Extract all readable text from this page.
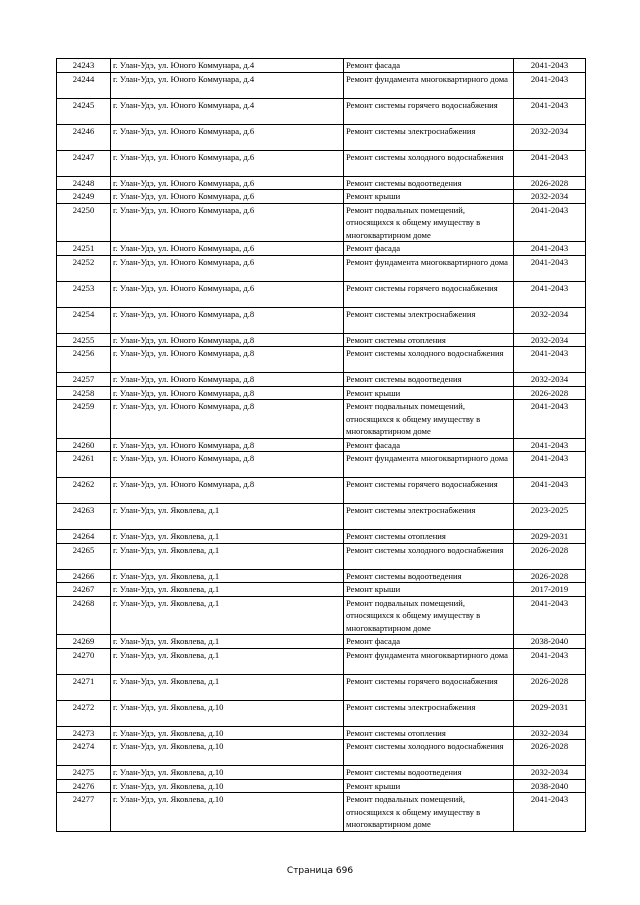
24243	г. Улан-Удэ, ул. Юного Коммунара, д.4	Ремонт фасада	2041-2043
24244	г. Улан-Удэ, ул. Юного Коммунара, д.4	Ремонт фундамента многоквартирного дома	2041-2043
24245	г. Улан-Удэ, ул. Юного Коммунара, д.4	Ремонт системы горячего водоснабжения	2041-2043
24246	г. Улан-Удэ, ул. Юного Коммунара, д.6	Ремонт системы электроснабжения	2032-2034
24247	г. Улан-Удэ, ул. Юного Коммунара, д.6	Ремонт системы холодного водоснабжения	2041-2043
24248	г. Улан-Удэ, ул. Юного Коммунара, д.6	Ремонт системы водоотведения	2026-2028
24249	г. Улан-Удэ, ул. Юного Коммунара, д.6	Ремонт крыши	2032-2034
24250	г. Улан-Удэ, ул. Юного Коммунара, д.6	Ремонт подвальных помещений, относящихся к общему имуществу в многоквартирном доме	2041-2043
24251	г. Улан-Удэ, ул. Юного Коммунара, д.6	Ремонт фасада	2041-2043
24252	г. Улан-Удэ, ул. Юного Коммунара, д.6	Ремонт фундамента многоквартирного дома	2041-2043
24253	г. Улан-Удэ, ул. Юного Коммунара, д.6	Ремонт системы горячего водоснабжения	2041-2043
24254	г. Улан-Удэ, ул. Юного Коммунара, д.8	Ремонт системы электроснабжения	2032-2034
24255	г. Улан-Удэ, ул. Юного Коммунара, д.8	Ремонт системы отопления	2032-2034
24256	г. Улан-Удэ, ул. Юного Коммунара, д.8	Ремонт системы холодного водоснабжения	2041-2043
24257	г. Улан-Удэ, ул. Юного Коммунара, д.8	Ремонт системы водоотведения	2032-2034
24258	г. Улан-Удэ, ул. Юного Коммунара, д.8	Ремонт крыши	2026-2028
24259	г. Улан-Удэ, ул. Юного Коммунара, д.8	Ремонт подвальных помещений, относящихся к общему имуществу в многоквартирном доме	2041-2043
24260	г. Улан-Удэ, ул. Юного Коммунара, д.8	Ремонт фасада	2041-2043
24261	г. Улан-Удэ, ул. Юного Коммунара, д.8	Ремонт фундамента многоквартирного дома	2041-2043
24262	г. Улан-Удэ, ул. Юного Коммунара, д.8	Ремонт системы горячего водоснабжения	2041-2043
24263	г. Улан-Удэ, ул. Яковлева, д.1	Ремонт системы электроснабжения	2023-2025
24264	г. Улан-Удэ, ул. Яковлева, д.1	Ремонт системы отопления	2029-2031
24265	г. Улан-Удэ, ул. Яковлева, д.1	Ремонт системы холодного водоснабжения	2026-2028
24266	г. Улан-Удэ, ул. Яковлева, д.1	Ремонт системы водоотведения	2026-2028
24267	г. Улан-Удэ, ул. Яковлева, д.1	Ремонт крыши	2017-2019
24268	г. Улан-Удэ, ул. Яковлева, д.1	Ремонт подвальных помещений, относящихся к общему имуществу в многоквартирном доме	2041-2043
24269	г. Улан-Удэ, ул. Яковлева, д.1	Ремонт фасада	2038-2040
24270	г. Улан-Удэ, ул. Яковлева, д.1	Ремонт фундамента многоквартирного дома	2041-2043
24271	г. Улан-Удэ, ул. Яковлева, д.1	Ремонт системы горячего водоснабжения	2026-2028
24272	г. Улан-Удэ, ул. Яковлева, д.10	Ремонт системы электроснабжения	2029-2031
24273	г. Улан-Удэ, ул. Яковлева, д.10	Ремонт системы отопления	2032-2034
24274	г. Улан-Удэ, ул. Яковлева, д.10	Ремонт системы холодного водоснабжения	2026-2028
24275	г. Улан-Удэ, ул. Яковлева, д.10	Ремонт системы водоотведения	2032-2034
24276	г. Улан-Удэ, ул. Яковлева, д.10	Ремонт крыши	2038-2040
24277	г. Улан-Удэ, ул. Яковлева, д.10	Ремонт подвальных помещений, относящихся к общему имуществу в многоквартирном доме	2041-2043
Страница 696
